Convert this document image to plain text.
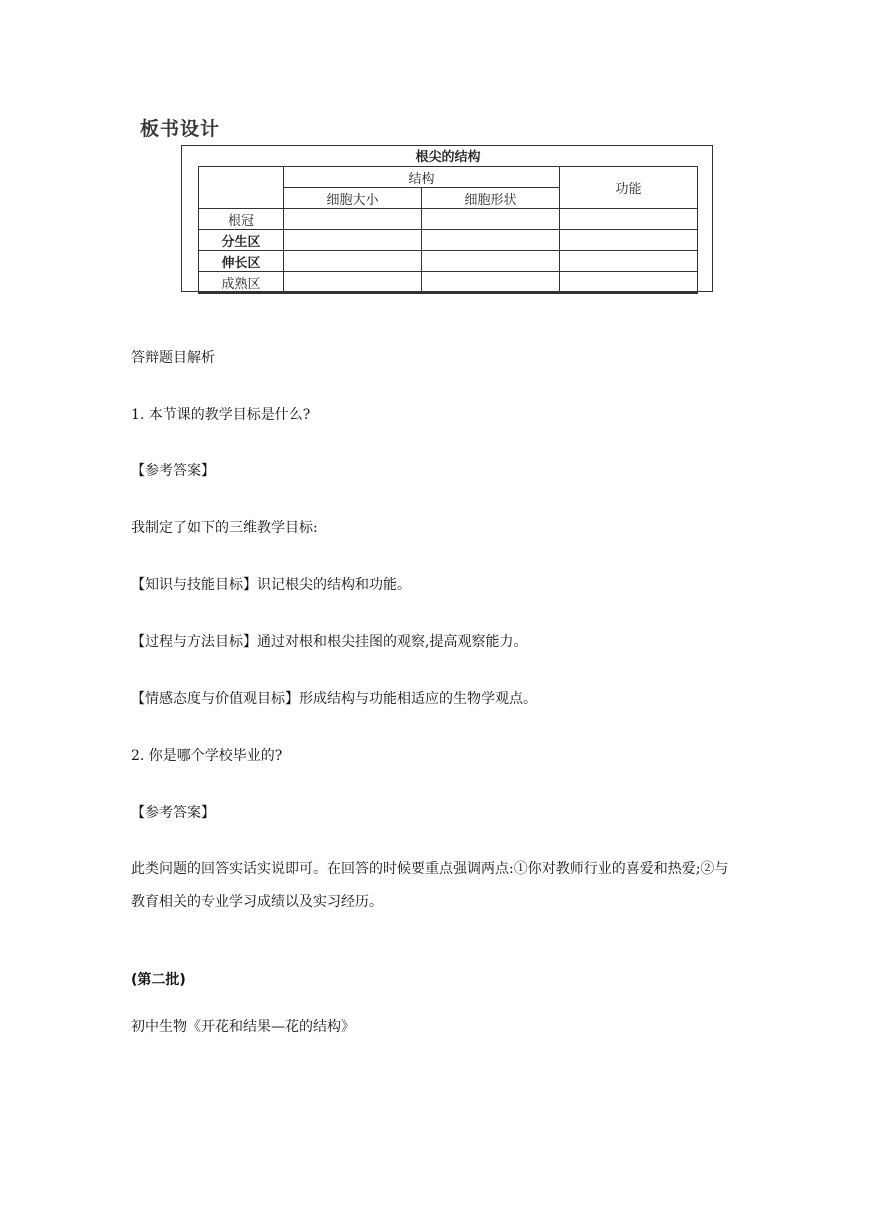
板书设计
根尖的结构			
	结构		功能
	细胞大小	细胞形状	
根冠			
分生区			
伸长区			
成熟区			
答辩题目解析
1. 本节课的教学目标是什么?
【参考答案】
我制定了如下的三维教学目标:
【知识与技能目标】识记根尖的结构和功能。
【过程与方法目标】通过对根和根尖挂图的观察,提高观察能力。
【情感态度与价值观目标】形成结构与功能相适应的生物学观点。
2. 你是哪个学校毕业的?
【参考答案】
此类问题的回答实话实说即可。在回答的时候要重点强调两点:①你对教师行业的喜爱和热爱;②与教育相关的专业学习成绩以及实习经历。
(第二批)
初中生物《开花和结果—花的结构》
